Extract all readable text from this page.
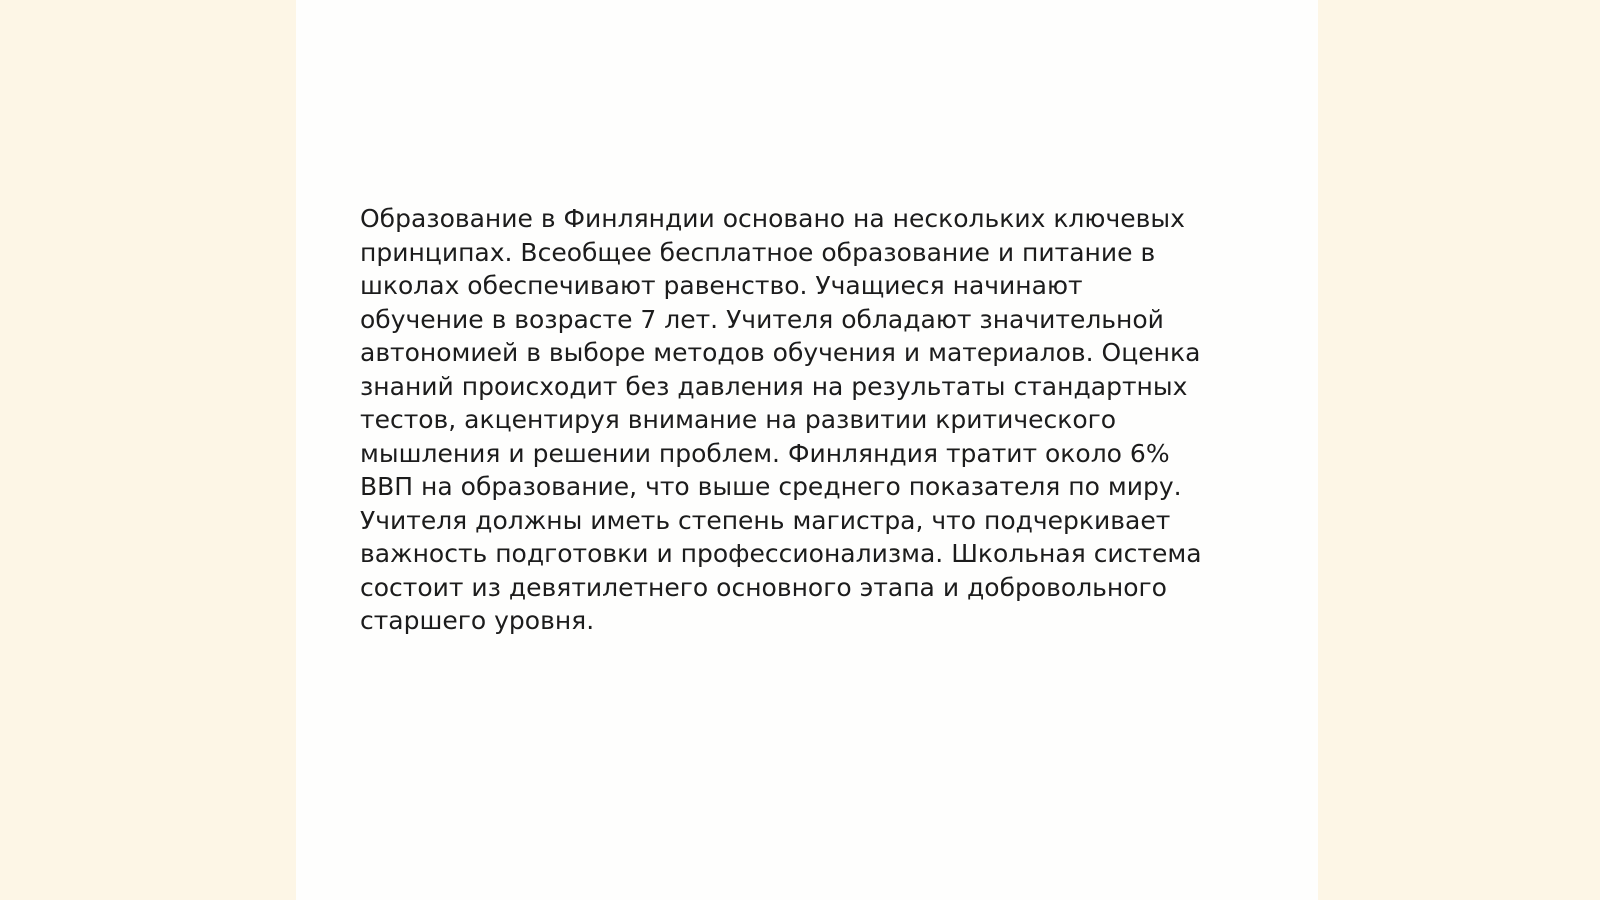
Образование в Финляндии основано на нескольких ключевых
принципах. Всеобщее бесплатное образование и питание в
школах обеспечивают равенство. Учащиеся начинают
обучение в возрасте 7 лет. Учителя обладают значительной
автономией в выборе методов обучения и материалов. Оценка
знаний происходит без давления на результаты стандартных
тестов, акцентируя внимание на развитии критического
мышления и решении проблем. Финляндия тратит около 6%
ВВП на образование, что выше среднего показателя по миру.
Учителя должны иметь степень магистра, что подчеркивает
важность подготовки и профессионализма. Школьная система
состоит из девятилетнего основного этапа и добровольного
старшего уровня.
